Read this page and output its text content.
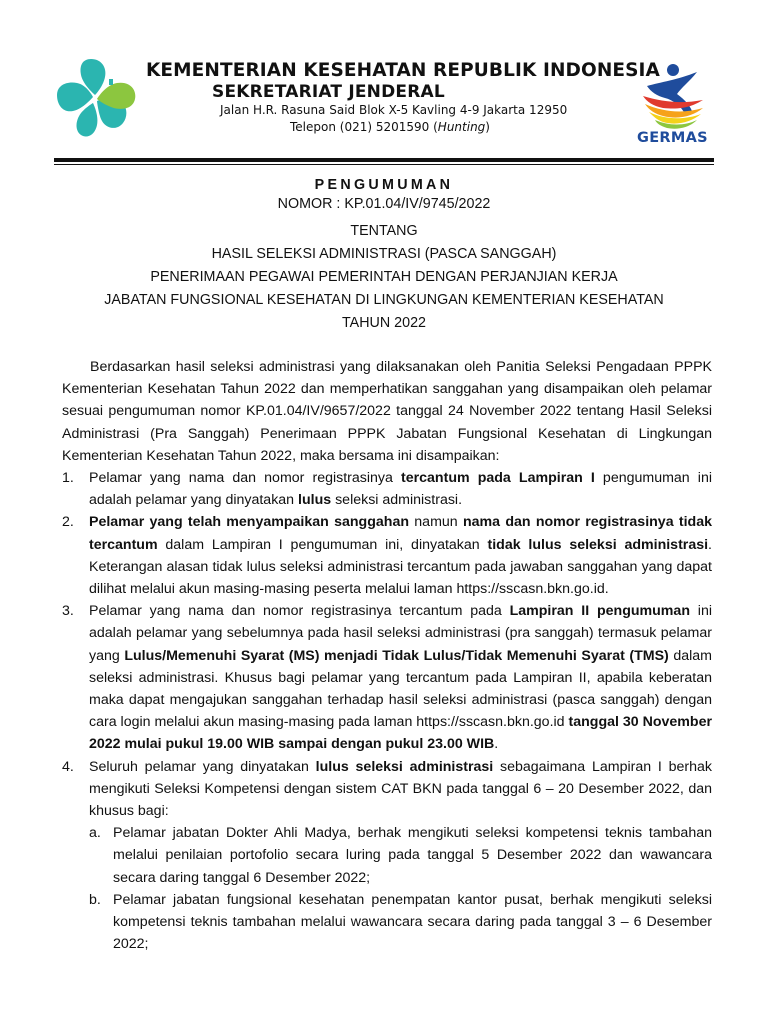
KEMENTERIAN KESEHATAN REPUBLIK INDONESIA
SEKRETARIAT JENDERAL
Jalan H.R. Rasuna Said Blok X-5 Kavling 4-9 Jakarta 12950
Telepon (021) 5201590 (Hunting)
GERMAS
PENGUMUMAN
NOMOR : KP.01.04/IV/9745/2022
TENTANG
HASIL SELEKSI ADMINISTRASI (PASCA SANGGAH)
PENERIMAAN PEGAWAI PEMERINTAH DENGAN PERJANJIAN KERJA
JABATAN FUNGSIONAL KESEHATAN DI LINGKUNGAN KEMENTERIAN KESEHATAN
TAHUN 2022

Berdasarkan hasil seleksi administrasi yang dilaksanakan oleh Panitia Seleksi Pengadaan PPPK Kementerian Kesehatan Tahun 2022 dan memperhatikan sanggahan yang disampaikan oleh pelamar sesuai pengumuman nomor KP.01.04/IV/9657/2022 tanggal 24 November 2022 tentang Hasil Seleksi Administrasi (Pra Sanggah) Penerimaan PPPK Jabatan Fungsional Kesehatan di Lingkungan Kementerian Kesehatan Tahun 2022, maka bersama ini disampaikan:

1. Pelamar yang nama dan nomor registrasinya tercantum pada Lampiran I pengumuman ini adalah pelamar yang dinyatakan lulus seleksi administrasi.
2. Pelamar yang telah menyampaikan sanggahan namun nama dan nomor registrasinya tidak tercantum dalam Lampiran I pengumuman ini, dinyatakan tidak lulus seleksi administrasi. Keterangan alasan tidak lulus seleksi administrasi tercantum pada jawaban sanggahan yang dapat dilihat melalui akun masing-masing peserta melalui laman https://sscasn.bkn.go.id.
3. Pelamar yang nama dan nomor registrasinya tercantum pada Lampiran II pengumuman ini adalah pelamar yang sebelumnya pada hasil seleksi administrasi (pra sanggah) termasuk pelamar yang Lulus/Memenuhi Syarat (MS) menjadi Tidak Lulus/Tidak Memenuhi Syarat (TMS) dalam seleksi administrasi. Khusus bagi pelamar yang tercantum pada Lampiran II, apabila keberatan maka dapat mengajukan sanggahan terhadap hasil seleksi administrasi (pasca sanggah) dengan cara login melalui akun masing-masing pada laman https://sscasn.bkn.go.id tanggal 30 November 2022 mulai pukul 19.00 WIB sampai dengan pukul 23.00 WIB.
4. Seluruh pelamar yang dinyatakan lulus seleksi administrasi sebagaimana Lampiran I berhak mengikuti Seleksi Kompetensi dengan sistem CAT BKN pada tanggal 6 – 20 Desember 2022, dan khusus bagi:
a. Pelamar jabatan Dokter Ahli Madya, berhak mengikuti seleksi kompetensi teknis tambahan melalui penilaian portofolio secara luring pada tanggal 5 Desember 2022 dan wawancara secara daring tanggal 6 Desember 2022;
b. Pelamar jabatan fungsional kesehatan penempatan kantor pusat, berhak mengikuti seleksi kompetensi teknis tambahan melalui wawancara secara daring pada tanggal 3 – 6 Desember 2022;
